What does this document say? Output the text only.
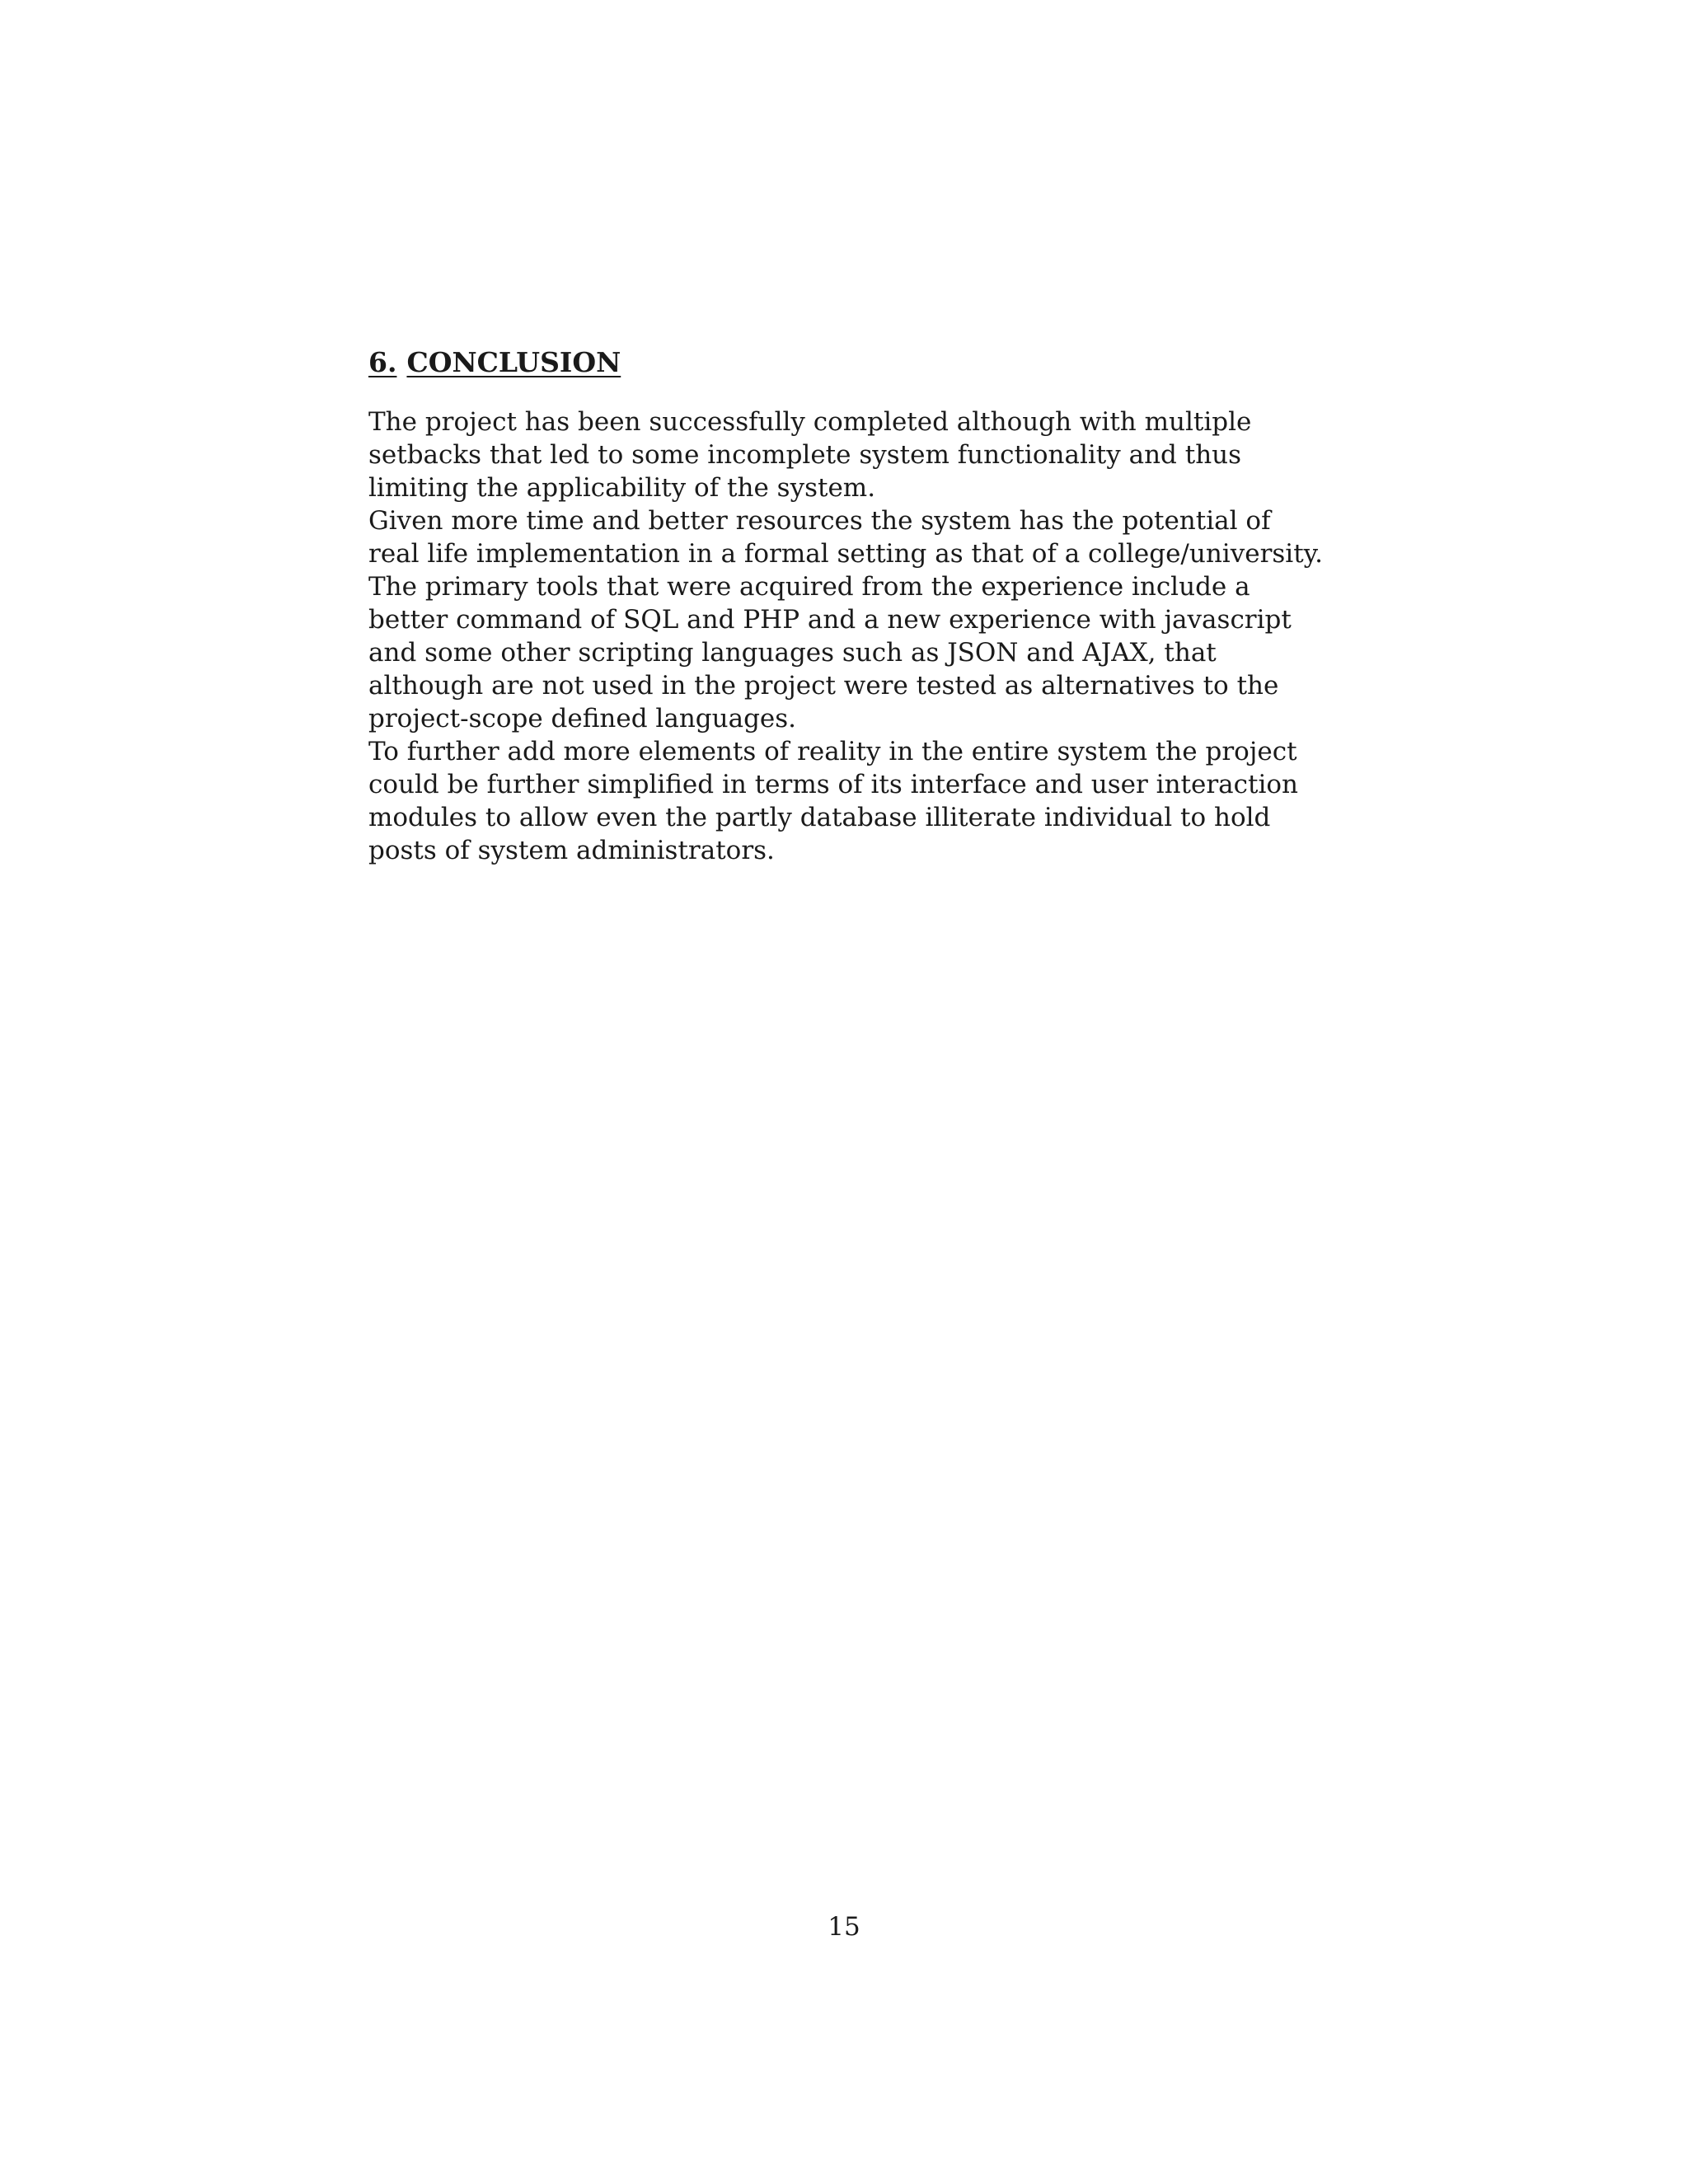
6. CONCLUSION

The project has been successfully completed although with multiple setbacks that led to some incomplete system functionality and thus limiting the applicability of the system.

Given more time and better resources the system has the potential of real life implementation in a formal setting as that of a college/university.

The primary tools that were acquired from the experience include a better command of SQL and PHP and a new experience with javascript and some other scripting languages such as JSON and AJAX, that although are not used in the project were tested as alternatives to the project-scope defined languages.

To further add more elements of reality in the entire system the project could be further simplified in terms of its interface and user interaction modules to allow even the partly database illiterate individual to hold posts of system administrators.

15
